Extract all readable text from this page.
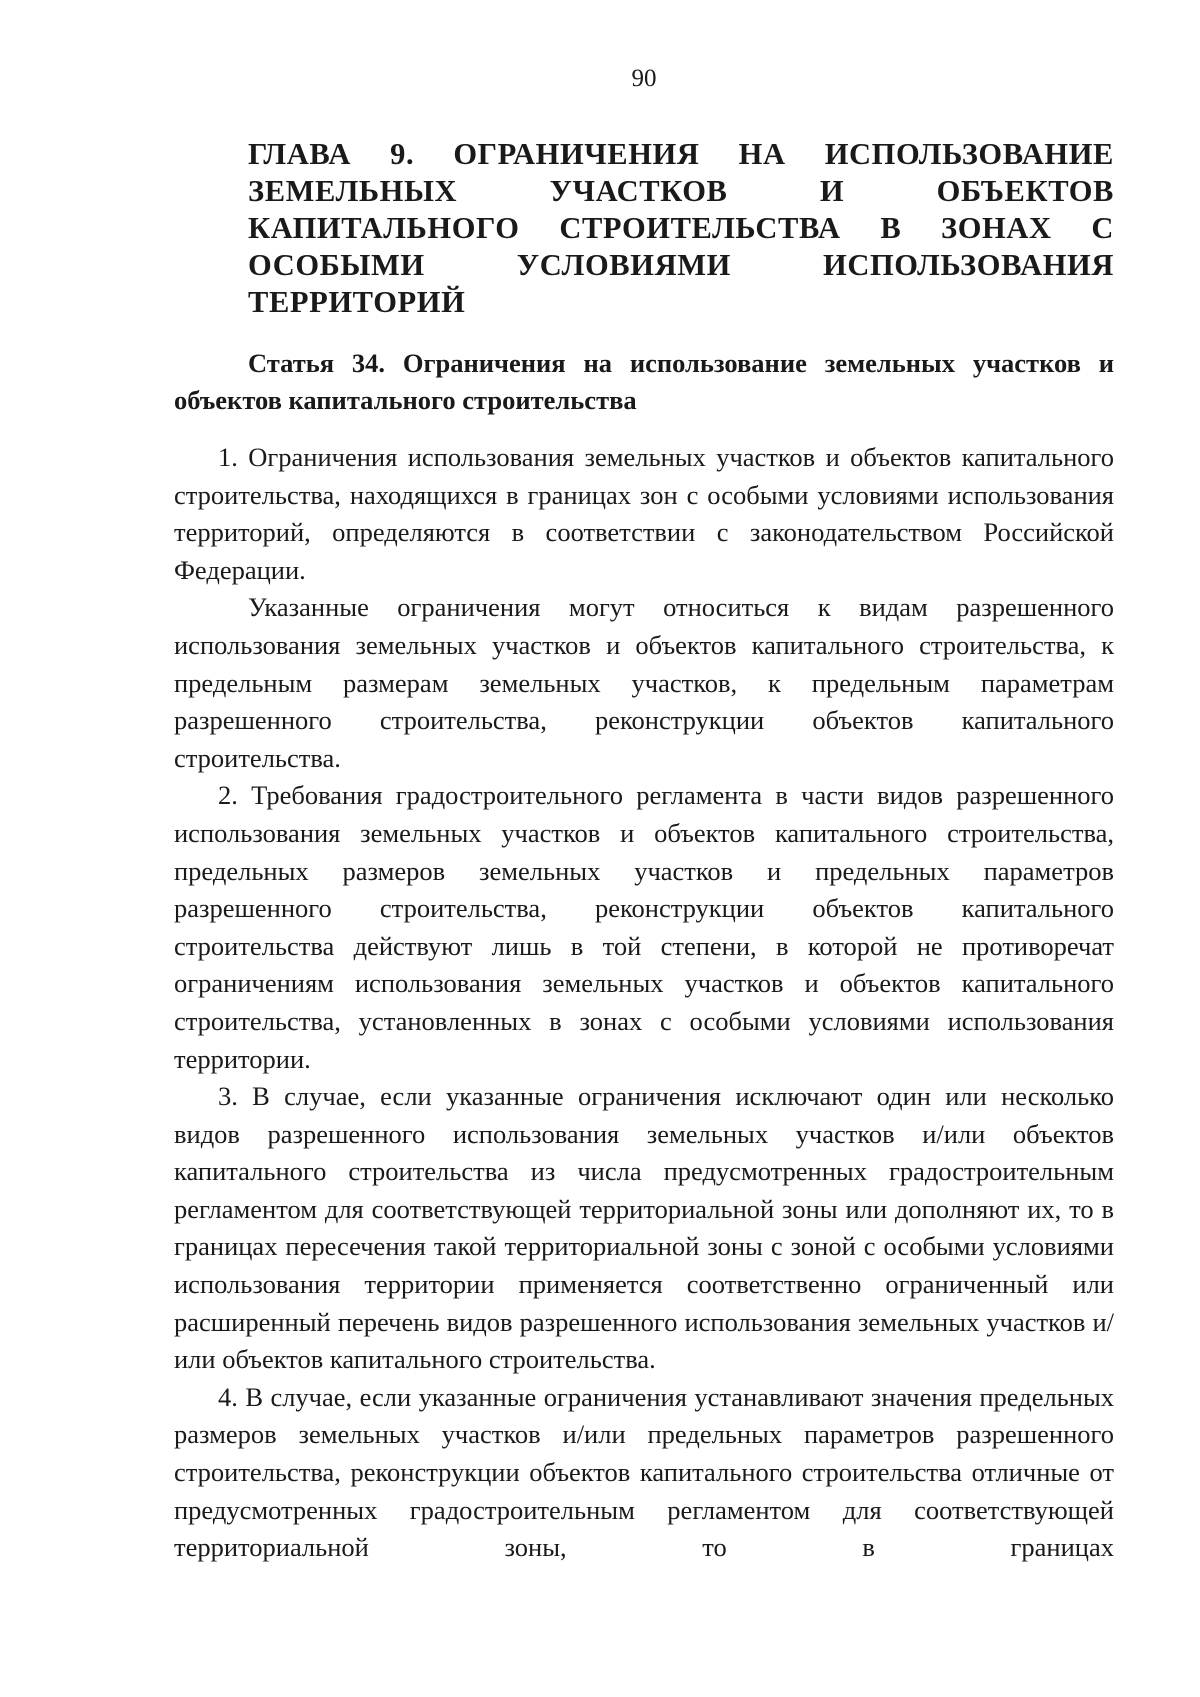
90
ГЛАВА 9. ОГРАНИЧЕНИЯ НА ИСПОЛЬЗОВАНИЕ ЗЕМЕЛЬНЫХ УЧАСТКОВ И ОБЪЕКТОВ КАПИТАЛЬНОГО СТРОИТЕЛЬСТВА В ЗОНАХ С ОСОБЫМИ УСЛОВИЯМИ ИСПОЛЬЗОВАНИЯ ТЕРРИТОРИЙ
Статья 34. Ограничения на использование земельных участков и объектов капитального строительства

1. Ограничения использования земельных участков и объектов капитального строительства, находящихся в границах зон с особыми условиями использования территорий, определяются в соответствии с законодательством Российской Федерации.

Указанные ограничения могут относиться к видам разрешенного использования земельных участков и объектов капитального строительства, к предельным размерам земельных участков, к предельным параметрам разрешенного строительства, реконструкции объектов капитального строительства.

2. Требования градостроительного регламента в части видов разрешенного использования земельных участков и объектов капитального строительства, предельных размеров земельных участков и предельных параметров разрешенного строительства, реконструкции объектов капитального строительства действуют лишь в той степени, в которой не противоречат ограничениям использования земельных участков и объектов капитального строительства, установленных в зонах с особыми условиями использования территории.

3. В случае, если указанные ограничения исключают один или несколько видов разрешенного использования земельных участков и/или объектов капитального строительства из числа предусмотренных градостроительным регламентом для соответствующей территориальной зоны или дополняют их, то в границах пересечения такой территориальной зоны с зоной с особыми условиями использования территории применяется соответственно ограниченный или расширенный перечень видов разрешенного использования земельных участков и/или объектов капитального строительства.

4. В случае, если указанные ограничения устанавливают значения предельных размеров земельных участков и/или предельных параметров разрешенного строительства, реконструкции объектов капитального строительства отличные от предусмотренных градостроительным регламентом для соответствующей территориальной зоны, то в границах
